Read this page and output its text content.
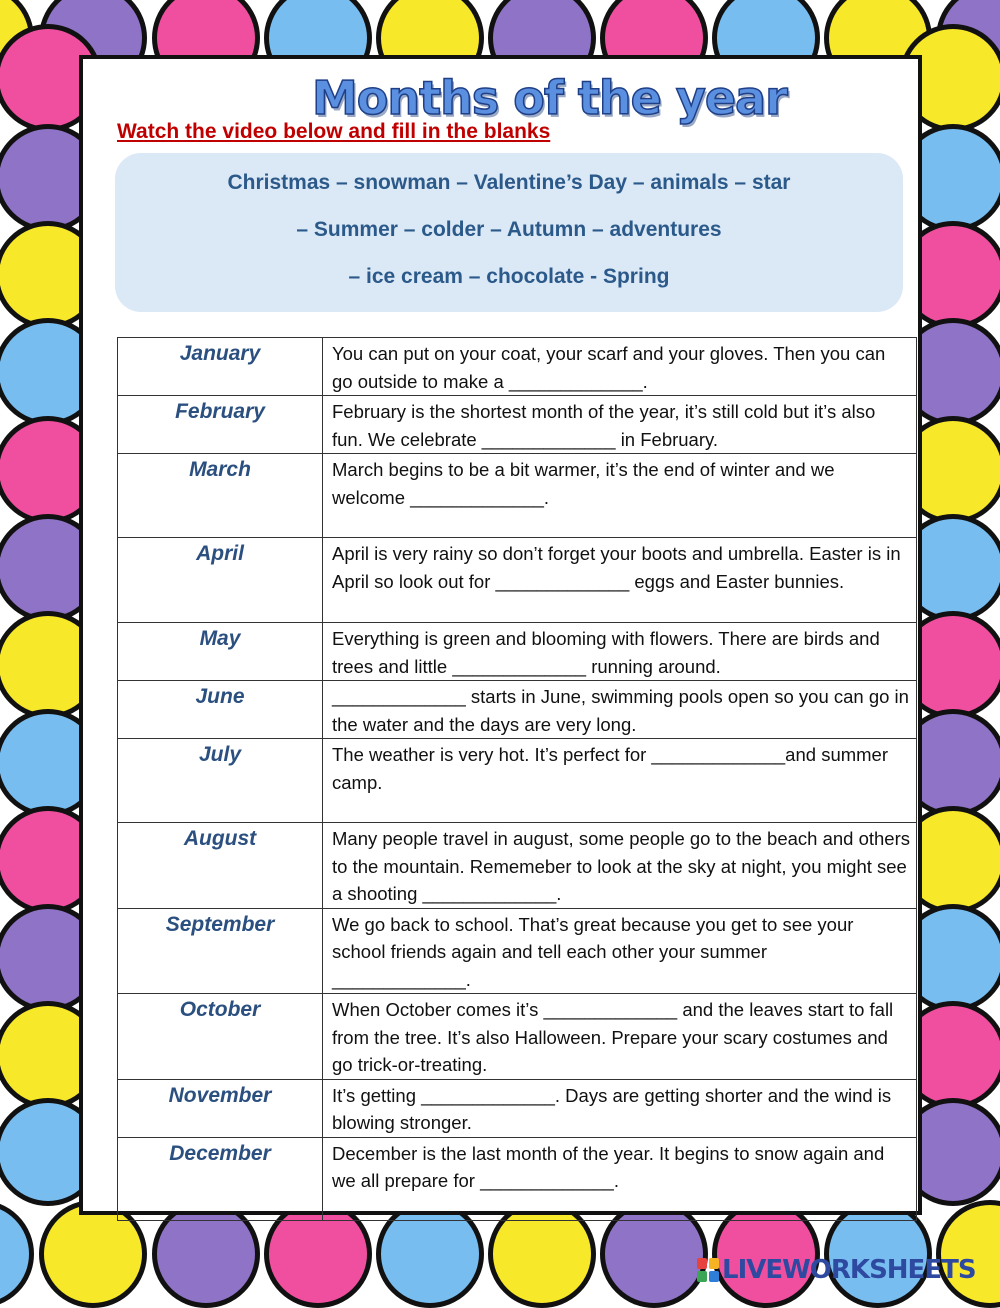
Months of the year
Watch the video below and fill in the blanks
Christmas – snowman – Valentine’s Day – animals – star
– Summer – colder – Autumn – adventures
– ice cream – chocolate - Spring
January	You can put on your coat, your scarf and your gloves. Then you can go outside to make a _____________.
February	February is the shortest month of the year, it’s still cold but it’s also fun. We celebrate _____________ in February.
March	March begins to be a bit warmer, it’s the end of winter and we welcome _____________.
April	April is very rainy so don’t forget your boots and umbrella. Easter is in April so look out for _____________ eggs and Easter bunnies.
May	Everything is green and blooming with flowers. There are birds and trees and little _____________ running around.
June	_____________ starts in June, swimming pools open so you can go in the water and the days are very long.
July	The weather is very hot. It’s perfect for _____________and summer camp.
August	Many people travel in august, some people go to the beach and others to the mountain. Rememeber to look at the sky at night, you might see a shooting _____________.
September	We go back to school. That’s great because you get to see your school friends again and tell each other your summer _____________.
October	When October comes it’s _____________ and the leaves start to fall from the tree. It’s also Halloween. Prepare your scary costumes and go trick-or-treating.
November	It’s getting _____________. Days are getting shorter and the wind is blowing stronger.
December	December is the last month of the year. It begins to snow again and we all prepare for _____________.
LIVEWORKSHEETS
